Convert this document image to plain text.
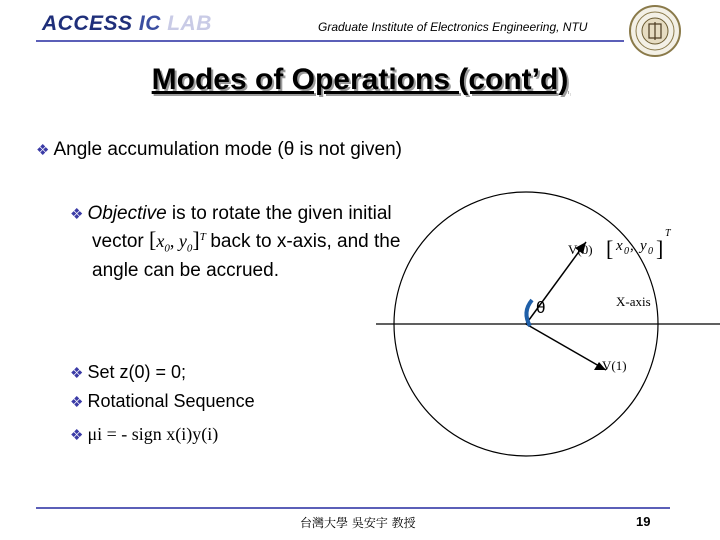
ACCESS IC LAB	Graduate Institute of Electronics Engineering, NTU
Modes of Operations (cont’d)
❖ Angle accumulation mode (θ is not given)
❖ Objective is to rotate the given initial vector [$x_0$, $y_0]^T$ back to x-axis, and the angle can be accrued.
❖ Set z(0) = 0;
❖ Rotational Sequence
❖ μi = - sign x(i)y(i)
θ
V(0) [ x 0 , y 0 ]
T
X-axis
V(1)
台灣大學 吳安宇 教授	19
